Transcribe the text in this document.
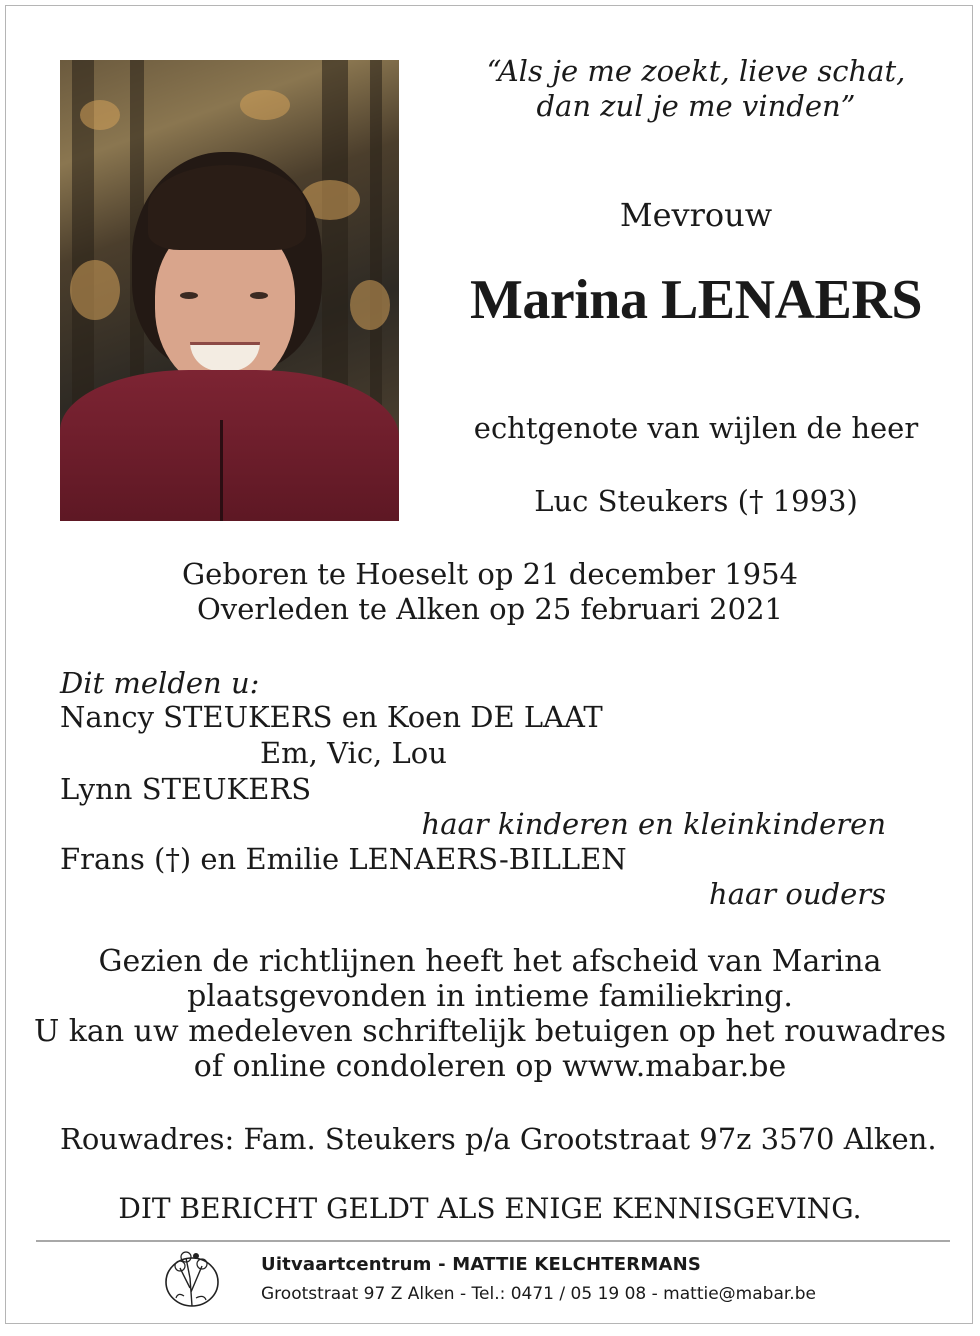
“Als je me zoekt, lieve schat,
dan zul je me vinden”
Mevrouw
Marina LENAERS
echtgenote van wijlen de heer
Luc Steukers († 1993)
Geboren te Hoeselt op 21 december 1954
Overleden te Alken op 25 februari 2021
Dit melden u:
Nancy STEUKERS en Koen DE LAAT
Em, Vic, Lou
Lynn STEUKERS
haar kinderen en kleinkinderen
Frans (†) en Emilie LENAERS-BILLEN
haar ouders
Gezien de richtlijnen heeft het afscheid van Marina
plaatsgevonden in intieme familiekring.
U kan uw medeleven schriftelijk betuigen op het rouwadres
of online condoleren op www.mabar.be
Rouwadres: Fam. Steukers p/a Grootstraat 97z 3570 Alken.
DIT BERICHT GELDT ALS ENIGE KENNISGEVING.
Uitvaartcentrum - MATTIE KELCHTERMANS
Grootstraat 97 Z Alken - Tel.: 0471 / 05 19 08 - mattie@mabar.be
